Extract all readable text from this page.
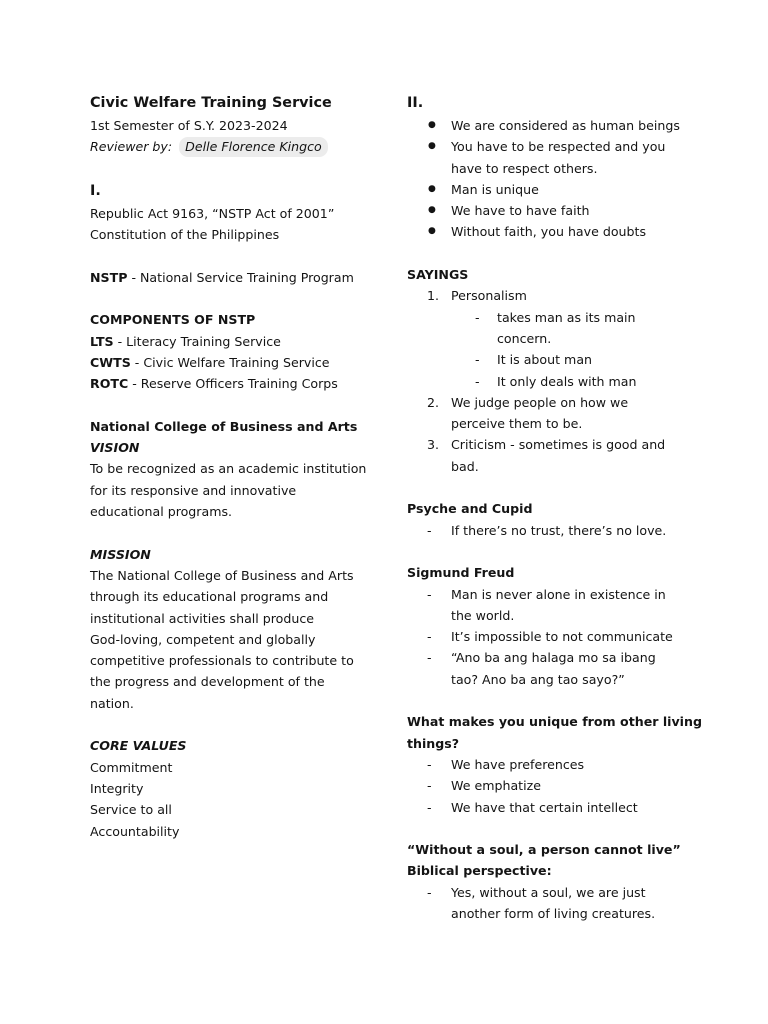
Civic Welfare Training Service

1st Semester of S.Y. 2023-2024

Reviewer by: Delle Florence Kingco

I.

Republic Act 9163, “NSTP Act of 2001”

Constitution of the Philippines

NSTP - National Service Training Program

COMPONENTS OF NSTP

LTS - Literacy Training Service

CWTS - Civic Welfare Training Service

ROTC - Reserve Officers Training Corps

National College of Business and Arts

VISION

To be recognized as an academic institution

for its responsive and innovative

educational programs.

MISSION

The National College of Business and Arts

through its educational programs and

institutional activities shall produce

God-loving, competent and globally

competitive professionals to contribute to

the progress and development of the

nation.

CORE VALUES

Commitment

Integrity

Service to all

Accountability

II.

● We are considered as human beings
● You have to be respected and you
have to respect others.
● Man is unique
● We have to have faith
● Without faith, you have doubts

SAYINGS

1. Personalism
- takes man as its main
concern.
- It is about man
- It only deals with man
2. We judge people on how we
perceive them to be.
3. Criticism - sometimes is good and
bad.

Psyche and Cupid

- If there’s no trust, there’s no love.

Sigmund Freud

- Man is never alone in existence in
the world.
- It’s impossible to not communicate
- “Ano ba ang halaga mo sa ibang
tao? Ano ba ang tao sayo?”

What makes you unique from other living
things?

- We have preferences
- We emphatize
- We have that certain intellect

“Without a soul, a person cannot live”

Biblical perspective:

- Yes, without a soul, we are just
another form of living creatures.
